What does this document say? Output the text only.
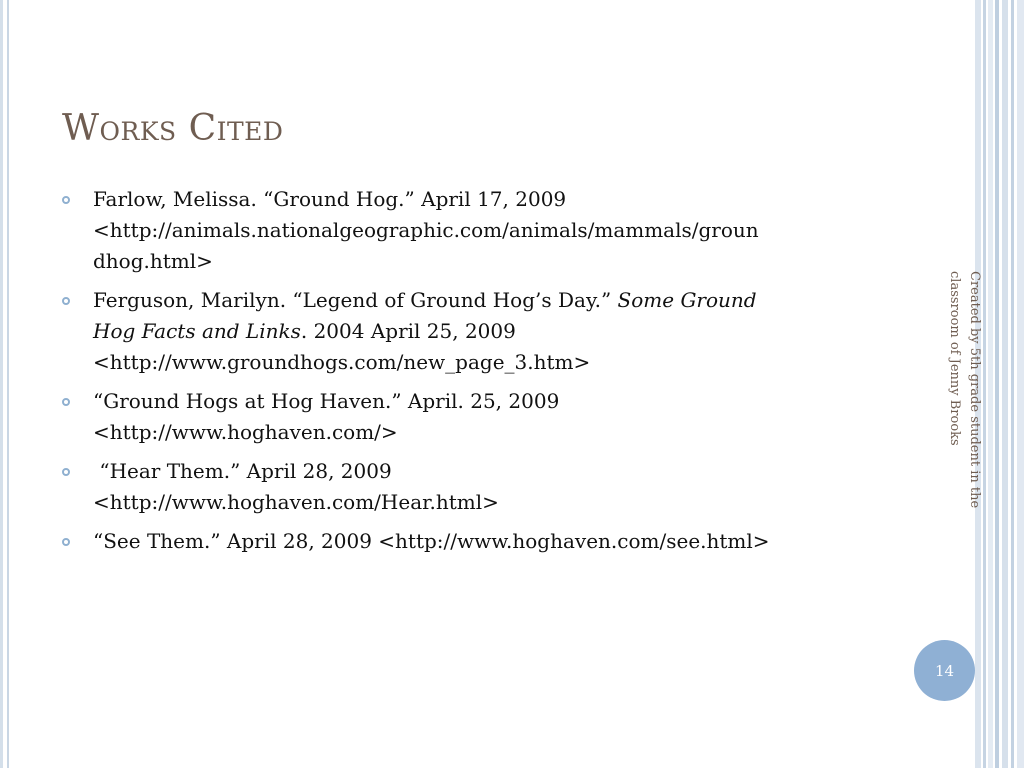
Works Cited
Farlow, Melissa. “Ground Hog.” April 17, 2009
<http://animals.nationalgeographic.com/animals/mammals/groun
dhog.html>
Ferguson, Marilyn. “Legend of Ground Hog’s Day.” Some Ground
Hog Facts and Links. 2004 April 25, 2009
<http://www.groundhogs.com/new_page_3.htm>
“Ground Hogs at Hog Haven.” April. 25, 2009
<http://www.hoghaven.com/>
“Hear Them.” April 28, 2009
<http://www.hoghaven.com/Hear.html>
“See Them.” April 28, 2009 <http://www.hoghaven.com/see.html>
Created by 5th grade student in the
classroom of Jenny Brooks
14
